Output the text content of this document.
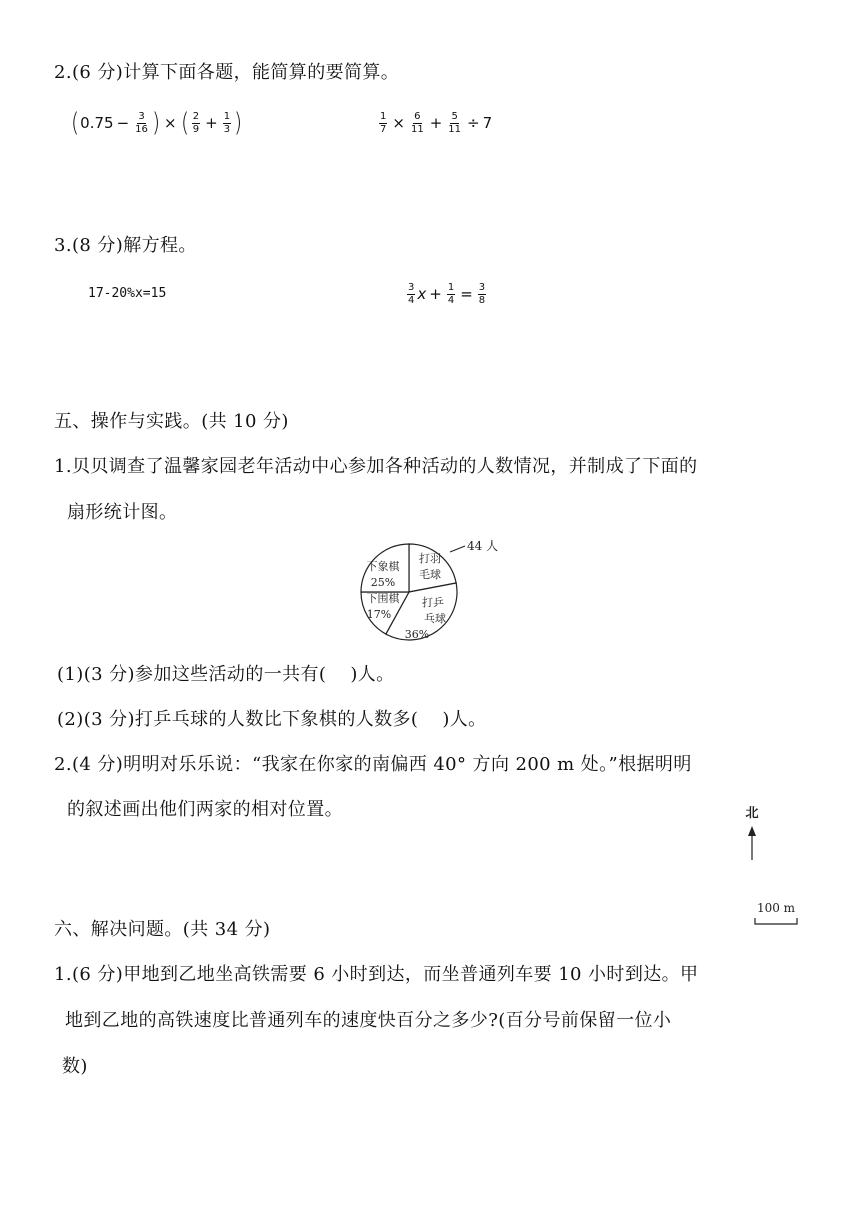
2.(6 分)计算下面各题，能简算的要简算。
( $0.75 - \frac{3}{16}$ ) × ( $\frac{2}{9} + \frac{1}{3}$ )	$\frac{1}{7} \times \frac{6}{11} + \frac{5}{11} \div 7$
3.(8 分)解方程。
17-20%x=15	$\frac{3}{4}$ $x + \frac{1}{4} = \frac{3}{8}$
五、操作与实践。(共 10 分)
1.贝贝调查了温馨家园老年活动中心参加各种活动的人数情况，并制成了下面的
扇形统计图。
44 人
下象棋
25%
打羽
毛球
打乒
乓球
36%
下围棋
17%
(1)(3 分)参加这些活动的一共有( )人。
(2)(3 分)打乒乓球的人数比下象棋的人数多( )人。
2.(4 分)明明对乐乐说：“我家在你家的南偏西 40° 方向 200 m 处。”根据明明
的叙述画出他们两家的相对位置。	北
100 m
六、解决问题。(共 34 分)
1.(6 分)甲地到乙地坐高铁需要 6 小时到达，而坐普通列车要 10 小时到达。甲
地到乙地的高铁速度比普通列车的速度快百分之多少?(百分号前保留一位小
数)
